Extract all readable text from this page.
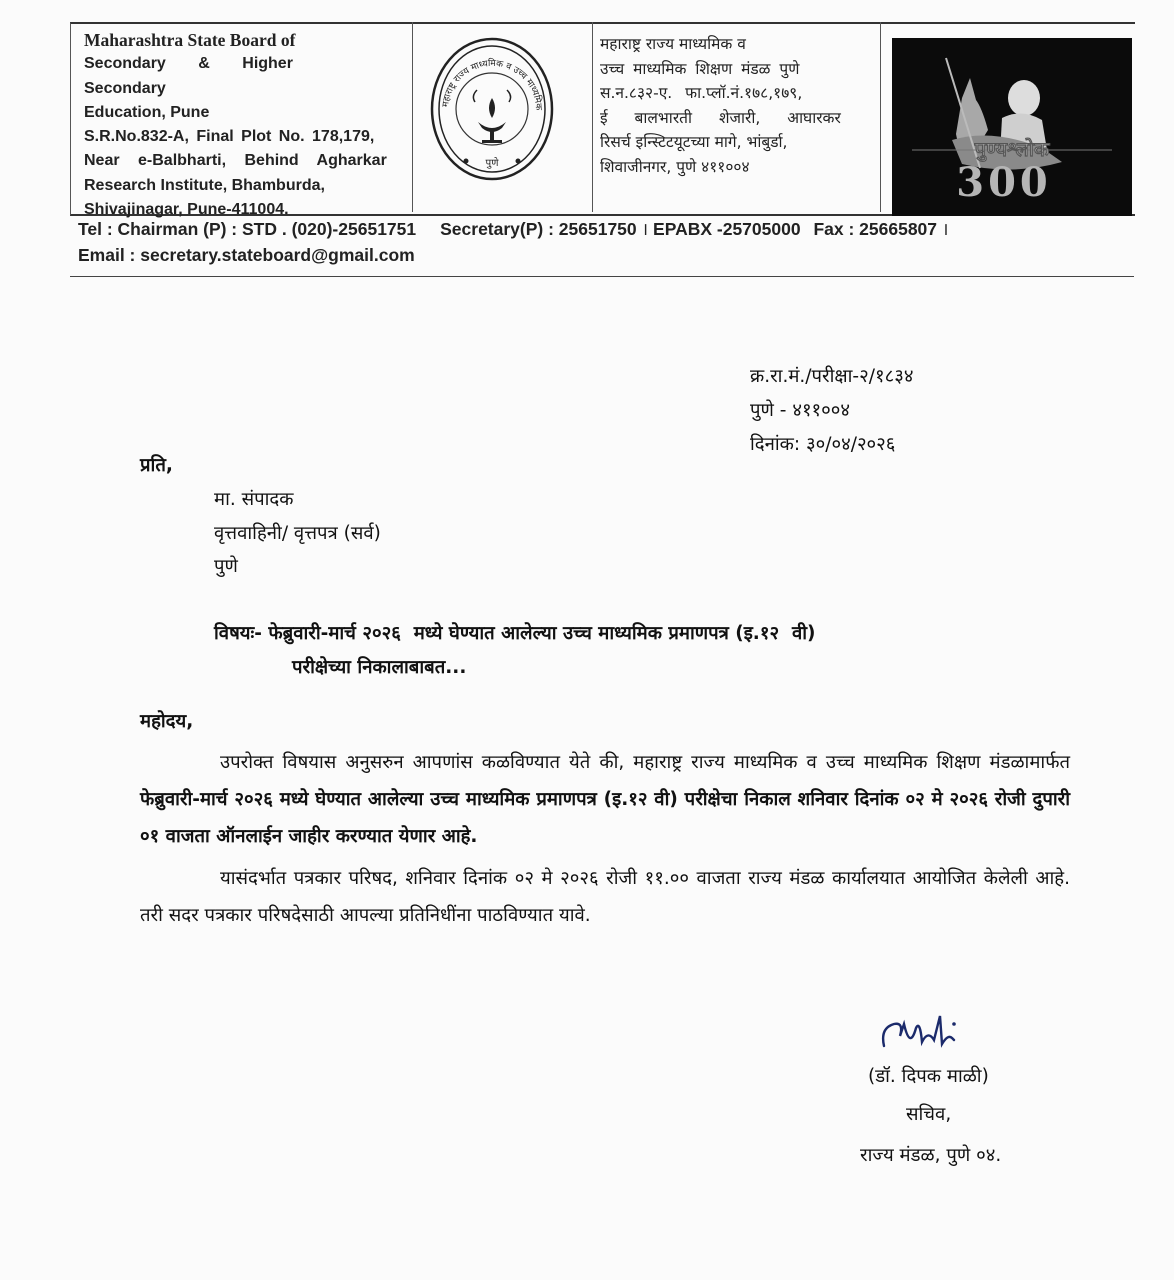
Maharashtra State Board of
Secondary & Higher Secondary
Education, Pune
S.R.No.832-A, Final Plot No. 178,179,
Near e-Balbharti, Behind Agharkar
Research Institute, Bhamburda,
Shivajinagar, Pune-411004.
महाराष्ट्र राज्य माध्यमिक व उच्च माध्यमिक
पुणे
महाराष्ट्र राज्य माध्यमिक व
उच्च माध्यमिक शिक्षण मंडळ पुणे
स.न.८३२-ए. फा.प्लॉ.नं.१७८,१७९,
ई बालभारती शेजारी, आघारकर
रिसर्च इन्स्टिटयूटच्या मागे, भांबुर्डा,
शिवाजीनगर, पुणे ४११००४
पुण्यश्लोक
300
Tel : Chairman (P) : STD . (020)-25651751 Secretary(P) : 25651750 । EPABX -25705000 Fax : 25665807 ।
Email : secretary.stateboard@gmail.com
क्र.रा.मं./परीक्षा-२/१८३४
पुणे - ४११००४
दिनांक: ३०/०४/२०२६
प्रति,
मा. संपादक
वृत्तवाहिनी/ वृत्तपत्र (सर्व)
पुणे
विषयः- फेब्रुवारी-मार्च २०२६  मध्ये घेण्यात आलेल्या उच्च माध्यमिक प्रमाणपत्र (इ.१२  वी)
परीक्षेच्या निकालाबाबत...
महोदय,
उपरोक्त विषयास अनुसरुन आपणांस कळविण्यात येते की, महाराष्ट्र राज्य माध्यमिक व उच्च माध्यमिक शिक्षण मंडळामार्फत फेब्रुवारी-मार्च २०२६ मध्ये घेण्यात आलेल्या उच्च माध्यमिक प्रमाणपत्र (इ.१२ वी) परीक्षेचा निकाल शनिवार दिनांक ०२ मे २०२६ रोजी दुपारी ०१ वाजता ऑनलाईन जाहीर करण्यात येणार आहे.
यासंदर्भात पत्रकार परिषद, शनिवार दिनांक ०२ मे २०२६ रोजी ११.०० वाजता राज्य मंडळ कार्यालयात आयोजित केलेली आहे. तरी सदर पत्रकार परिषदेसाठी आपल्या प्रतिनिधींना पाठविण्यात यावे.
(डॉ. दिपक माळी)
सचिव,
राज्य मंडळ, पुणे ०४.
